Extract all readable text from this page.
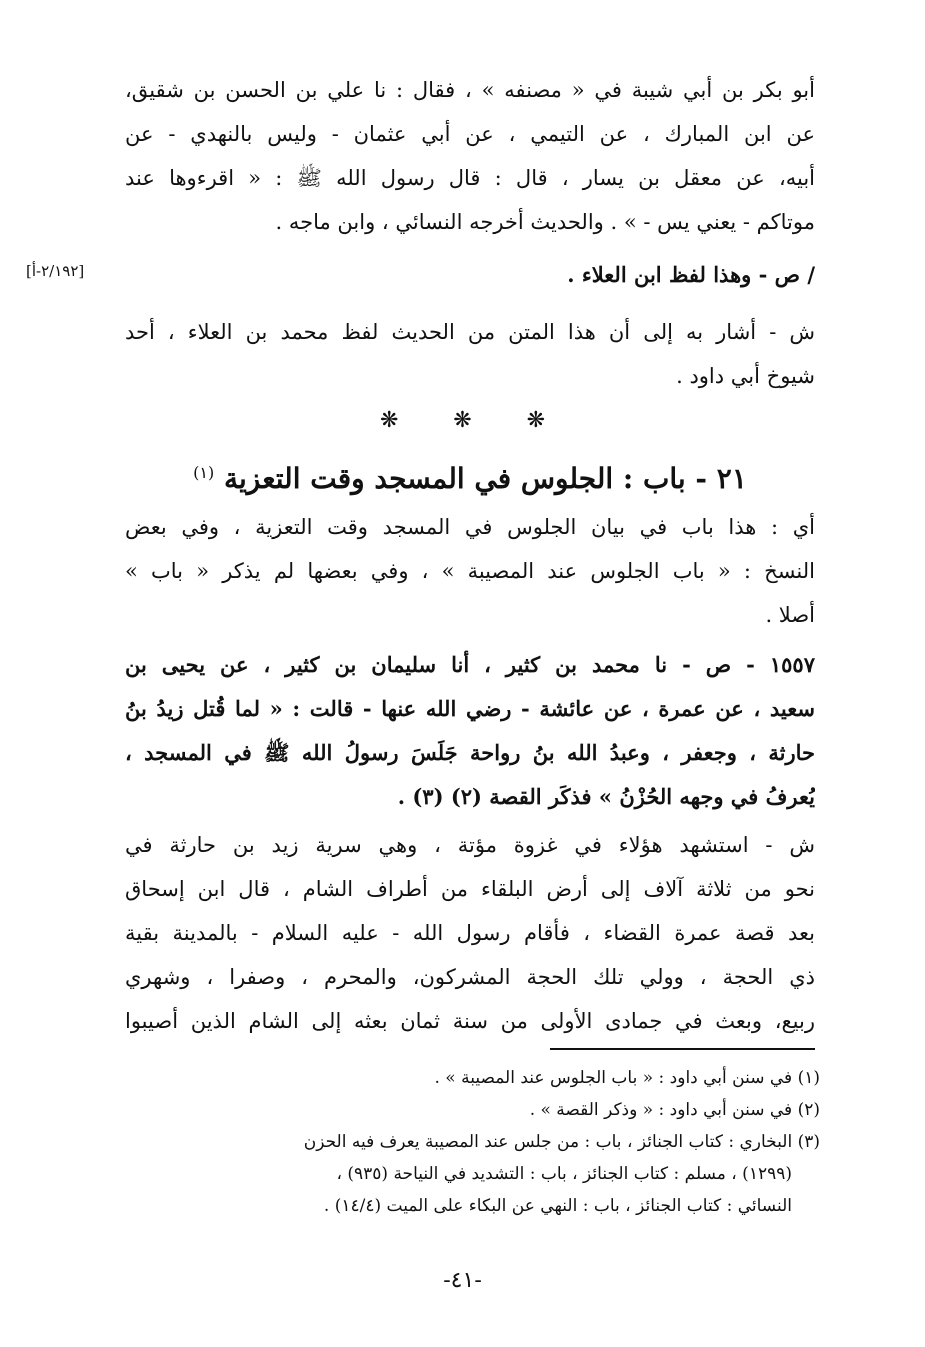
أبو بكر بن أبي شيبة في « مصنفه » ، فقال : نا علي بن الحسن بن شقيق،
عن ابن المبارك ، عن التيمي ، عن أبي عثمان - وليس بالنهدي - عن
أبيه، عن معقل بن يسار ، قال : قال رسول الله ﷺ : « اقرءوها عند
موتاكم - يعني يس - » . والحديث أخرجه النسائي ، وابن ماجه .
/ ص - وهذا لفظ ابن العلاء .
[٢/١٩٢-أ]
ش - أشار به إلى أن هذا المتن من الحديث لفظ محمد بن العلاء ، أحد
شيوخ أبي داود .
❋ ❋ ❋
٢١ - باب : الجلوس في المسجد وقت التعزية $^{(١)}$
أي : هذا باب في بيان الجلوس في المسجد وقت التعزية ، وفي بعض
النسخ : « باب الجلوس عند المصيبة » ، وفي بعضها لم يذكر « باب »
أصلا .
١٥٥٧ - ص - نا محمد بن كثير ، أنا سليمان بن كثير ، عن يحيى بن
سعيد ، عن عمرة ، عن عائشة - رضي الله عنها - قالت : « لما قُتل زيدُ بنُ
حارثة ، وجعفر ، وعبدُ الله بنُ رواحة جَلَسَ رسولُ الله ﷺ في المسجد ،
يُعرفُ في وجهه الحُزْنُ » فذكَر القصة (٢) (٣) .
ش - استشهد هؤلاء في غزوة مؤتة ، وهي سرية زيد بن حارثة في
نحو من ثلاثة آلاف إلى أرض البلقاء من أطراف الشام ، قال ابن إسحاق
بعد قصة عمرة القضاء ، فأقام رسول الله - عليه السلام - بالمدينة بقية
ذي الحجة ، وولي تلك الحجة المشركون، والمحرم ، وصفرا ، وشهري
ربيع، وبعث في جمادى الأولى من سنة ثمان بعثه إلى الشام الذين أصيبوا
(١) في سنن أبي داود : « باب الجلوس عند المصيبة » .
(٢) في سنن أبي داود : « وذكر القصة » .
(٣) البخاري : كتاب الجنائز ، باب : من جلس عند المصيبة يعرف فيه الحزن
(١٢٩٩) ، مسلم : كتاب الجنائز ، باب : التشديد في النياحة (٩٣٥) ،
النسائي : كتاب الجنائز ، باب : النهي عن البكاء على الميت (١٤/٤) .
-٤١-
